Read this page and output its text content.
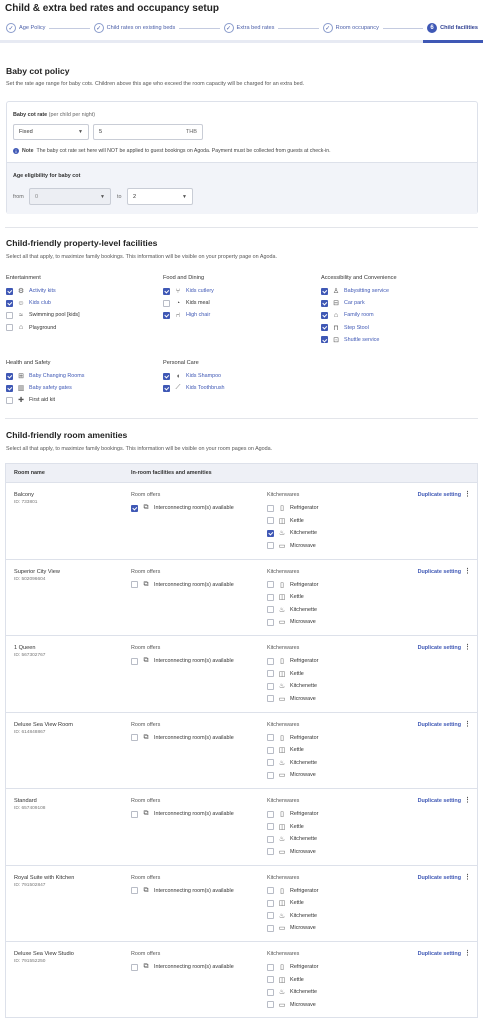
Child & extra bed rates and occupancy setup
✓ Age Policy	✓ Child rates on existing beds	✓ Extra bed rates	✓ Room occupancy	6	Child facilities
Baby cot policy
Set the rate age range for baby cots. Children above this age who exceed the room capacity will be charged for an extra bed.
Baby cot rate (per child per night)
Fixed	▼	5	THB
i	Note The baby cot rate set here will NOT be applied to guest bookings on Agoda. Payment must be collected from guests at check-in.
Age eligibility for baby cot
from 0	▼ to 2	▼
Child-friendly property-level facilities
Select all that apply, to maximize family bookings. This information will be visible on your property page on Agoda.
Entertainment
⚙ Activity kits
☺ Kids club
≈	Swimming pool [kids]
⌂	Playground
Food and Dining
⑂	Kids cutlery
◔	Kids meal
⑁	High chair
Accessibility and Convenience
♙ Babysitting service
⊟ Car park
⌂	Family room
⊓ Step Stool
⊡ Shuttle service
Health and Safety
⊞ Baby Changing Rooms
▥ Baby safety gates
✚ First aid kit
Personal Care
◖	Kids Shampoo
⟋ Kids Toothbrush
Child-friendly room amenities
Select all that apply, to maximize family bookings. This information will be visible on your room pages on Agoda.
Room name	In-room facilities and amenities
Balcony
ID: 733801
Room offers
⧉ Interconnecting room(s) available
Kitchenwares
▯	Refrigerator
◫ Kettle
♨ Kitchenette
▭ Microwave
Duplicate setting ⋮
Superior City View
ID: 502096604
Room offers
⧉ Interconnecting room(s) available
Kitchenwares
▯	Refrigerator
◫ Kettle
♨ Kitchenette
▭ Microwave
Duplicate setting ⋮
1 Queen
ID: 567302767
Room offers
⧉ Interconnecting room(s) available
Kitchenwares
▯	Refrigerator
◫ Kettle
♨ Kitchenette
▭ Microwave
Duplicate setting ⋮
Deluxe Sea View Room
ID: 614848867
Room offers
⧉ Interconnecting room(s) available
Kitchenwares
▯	Refrigerator
◫ Kettle
♨ Kitchenette
▭ Microwave
Duplicate setting ⋮
Standard
ID: 657409108
Room offers
⧉ Interconnecting room(s) available
Kitchenwares
▯	Refrigerator
◫ Kettle
♨ Kitchenette
▭ Microwave
Duplicate setting ⋮
Royal Suite with Kitchen
ID: 791502847
Room offers
⧉ Interconnecting room(s) available
Kitchenwares
▯	Refrigerator
◫ Kettle
♨ Kitchenette
▭ Microwave
Duplicate setting ⋮
Deluxe Sea View Studio
ID: 791552250
Room offers
⧉ Interconnecting room(s) available
Kitchenwares
▯	Refrigerator
◫ Kettle
♨ Kitchenette
▭ Microwave
Duplicate setting ⋮
